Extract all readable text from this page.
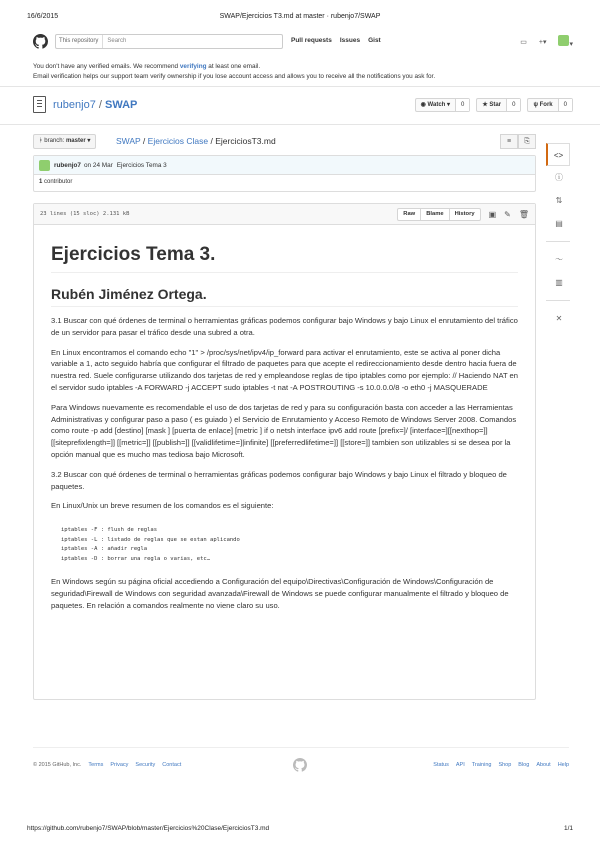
16/6/2015	SWAP/Ejercicios T3.md at master · rubenjo7/SWAP
This repository	Search	Pull requests Issues Gist	▭ +▾	▾
You don't have any verified emails. We recommend verifying at least one email.
Email verification helps our support team verify ownership if you lose account access and allows you to receive all the notifications you ask for.
rubenjo7 / SWAP	◉ Watch ▾	0	★ Star	0	ψ Fork	0
ᚼ branch: master ▾	SWAP / Ejercicios Clase / EjerciciosT3.md	≡	⎘
rubenjo7 on 24 Mar Ejercicios Tema 3
1 contributor
23 lines (15 sloc) 2.131 kB	Raw	Blame	History	▣ ✎ 🗑
Ejercicios Tema 3.
Rubén Jiménez Ortega.

3.1 Buscar con qué órdenes de terminal o herramientas gráficas podemos configurar bajo Windows y bajo Linux el enrutamiento del tráfico de un servidor para pasar el tráfico desde una subred a otra.

En Linux encontramos el comando echo "1" > /proc/sys/net/ipv4/ip_forward para activar el enrutamiento, este se activa al poner dicha variable a 1, acto seguido habría que configurar el filtrado de paquetes para que acepte el redireccionamiento desde dentro hacia fuera de nuestra red. Suele configurarse utilizando dos tarjetas de red y empleandose reglas de tipo iptables como por ejemplo: // Haciendo NAT en el servidor sudo iptables -A FORWARD -j ACCEPT sudo iptables -t nat -A POSTROUTING -s 10.0.0.0/8 -o eth0 -j MASQUERADE

Para Windows nuevamente es recomendable el uso de dos tarjetas de red y para su configuración basta con acceder a las Herramientas Administrativas y configurar paso a paso ( es guiado ) el Servicio de Enrutamiento y Acceso Remoto de Windows Server 2008. Comandos como route -p add [destino] [mask ] [puerta de enlace] [metric ] if o netsh interface ipv6 add route [prefix=]/ [interface=][[nexthop=]] [[siteprefixlength=]] [[metric=]] [[publish=]] [[validlifetime=]|infinite] [[preferredlifetime=]] [[store=]] tambien son utilizables si se desea por la opción manual que es mucho mas tediosa bajo Microsoft.

3.2 Buscar con qué órdenes de terminal o herramientas gráficas podemos configurar bajo Windows y bajo Linux el filtrado y bloqueo de paquetes.

En Linux/Unix un breve resumen de los comandos es el siguiente:

iptables -F : flush de reglas
iptables -L : listado de reglas que se estan aplicando
iptables -A : añadir regla
iptables -D : borrar una regla o varias, etc…

En Windows según su página oficial accediendo a Configuración del equipo\Directivas\Configuración de Windows\Configuración de seguridad\Firewall de Windows con seguridad avanzada\Firewall de Windows se puede configurar manualmente el filtrado y bloqueo de paquetes. En relación a comandos realmente no viene claro su uso.

<>
ⓘ
⇅
▤
〜
▥
✕
© 2015 GitHub, Inc. Terms Privacy Security Contact	Status API Training Shop Blog About Help
https://github.com/rubenjo7/SWAP/blob/master/Ejercicios%20Clase/EjerciciosT3.md	1/1
